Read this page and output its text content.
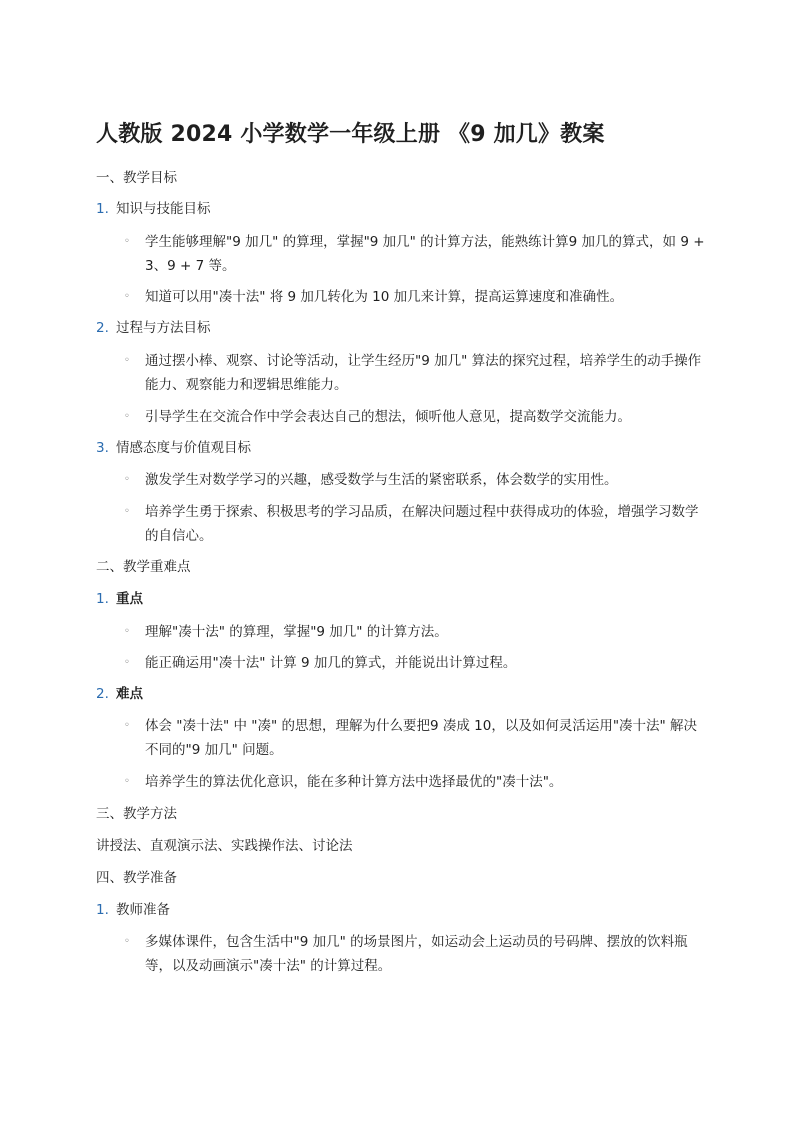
人教版 2024 小学数学一年级上册 《9 加几》教案
一、教学目标
1. 知识与技能目标
◦ 学生能够理解"9 加几" 的算理，掌握"9 加几" 的计算方法，能熟练计算9 加几的算式，如 9 + 3、9 + 7 等。
◦ 知道可以用"凑十法" 将 9 加几转化为 10 加几来计算，提高运算速度和准确性。
2. 过程与方法目标
◦ 通过摆小棒、观察、讨论等活动，让学生经历"9 加几" 算法的探究过程，培养学生的动手操作能力、观察能力和逻辑思维能力。
◦ 引导学生在交流合作中学会表达自己的想法，倾听他人意见，提高数学交流能力。
3. 情感态度与价值观目标
◦ 激发学生对数学学习的兴趣，感受数学与生活的紧密联系，体会数学的实用性。
◦ 培养学生勇于探索、积极思考的学习品质，在解决问题过程中获得成功的体验，增强学习数学的自信心。
二、教学重难点
1. 重点
◦ 理解"凑十法" 的算理，掌握"9 加几" 的计算方法。
◦ 能正确运用"凑十法" 计算 9 加几的算式，并能说出计算过程。
2. 难点
◦ 体会 "凑十法" 中 "凑" 的思想，理解为什么要把9 凑成 10，以及如何灵活运用"凑十法" 解决不同的"9 加几" 问题。
◦ 培养学生的算法优化意识，能在多种计算方法中选择最优的"凑十法"。
三、教学方法
讲授法、直观演示法、实践操作法、讨论法
四、教学准备
1. 教师准备
◦ 多媒体课件，包含生活中"9 加几" 的场景图片，如运动会上运动员的号码牌、摆放的饮料瓶等，以及动画演示"凑十法" 的计算过程。
